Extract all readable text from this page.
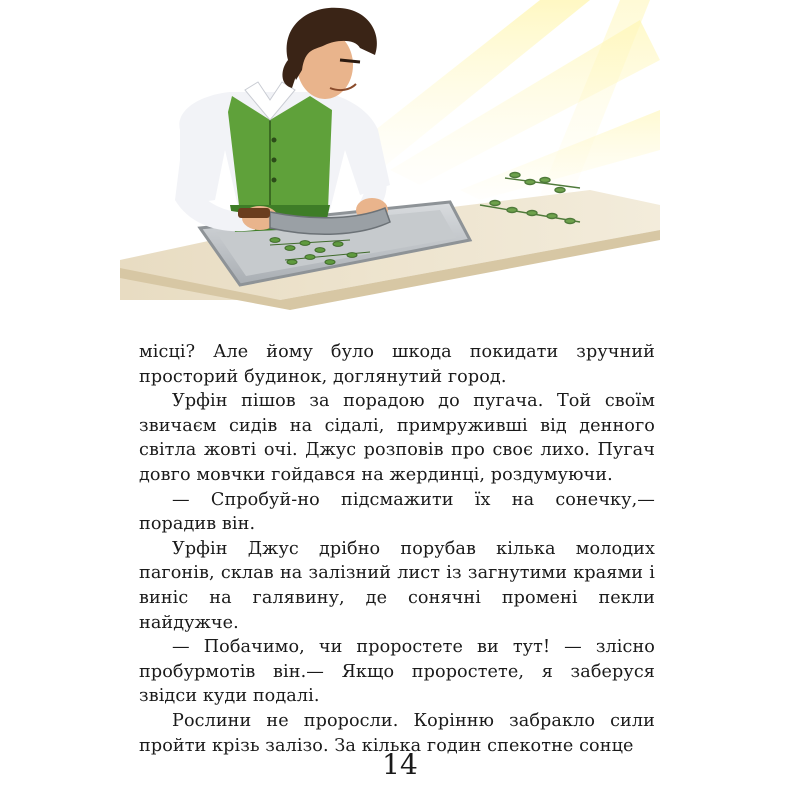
місці? Але йому було шкода покидати зручний просторий будинок, доглянутий город.

Урфін пішов за порадою до пугача. Той своїм звичаєм сидів на сідалі, примружившi від денного світла жовті очі. Джус розповів про своє лихо. Пугач довго мовчки гойдався на жердинці, роздумуючи.

— Спробуй-но підсмажити їх на сонечку,— порадив він.

Урфін Джус дрібно порубав кілька молодих пагонів, склав на залізний лист із загнутими краями і виніс на галявину, де сонячні промені пекли найдужче.

— Побачимо, чи проростете ви тут! — злісно пробурмотів він.— Якщо проростете, я заберуся звідси куди подалі.

Рослини не проросли. Корінню забракло сили пройти крізь залізо. За кілька годин спекотне сонце

14
